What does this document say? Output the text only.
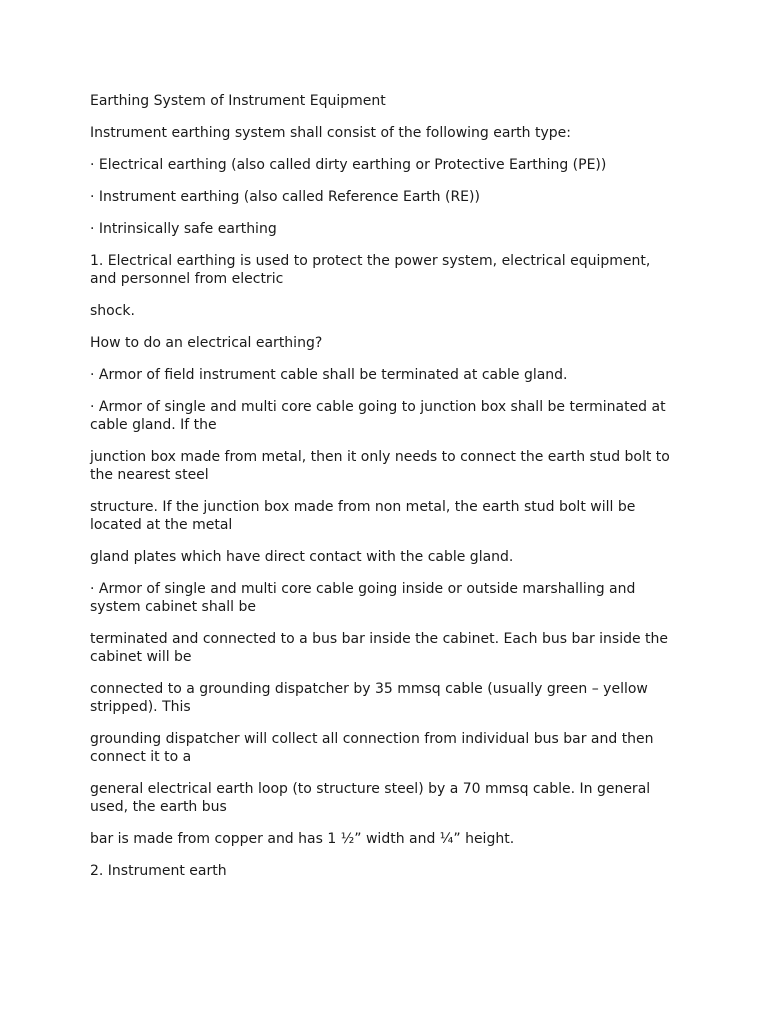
Earthing System of Instrument Equipment

Instrument earthing system shall consist of the following earth type:

· Electrical earthing (also called dirty earthing or Protective Earthing (PE))

· Instrument earthing (also called Reference Earth (RE))

· Intrinsically safe earthing

1. Electrical earthing is used to protect the power system, electrical equipment, and personnel from electric

shock.

How to do an electrical earthing?

· Armor of field instrument cable shall be terminated at cable gland.

· Armor of single and multi core cable going to junction box shall be terminated at cable gland. If the

junction box made from metal, then it only needs to connect the earth stud bolt to the nearest steel

structure. If the junction box made from non metal, the earth stud bolt will be located at the metal

gland plates which have direct contact with the cable gland.

· Armor of single and multi core cable going inside or outside marshalling and system cabinet shall be

terminated and connected to a bus bar inside the cabinet. Each bus bar inside the cabinet will be

connected to a grounding dispatcher by 35 mmsq cable (usually green – yellow stripped). This

grounding dispatcher will collect all connection from individual bus bar and then connect it to a

general electrical earth loop (to structure steel) by a 70 mmsq cable. In general used, the earth bus

bar is made from copper and has 1 ½” width and ¼” height.

2. Instrument earth
